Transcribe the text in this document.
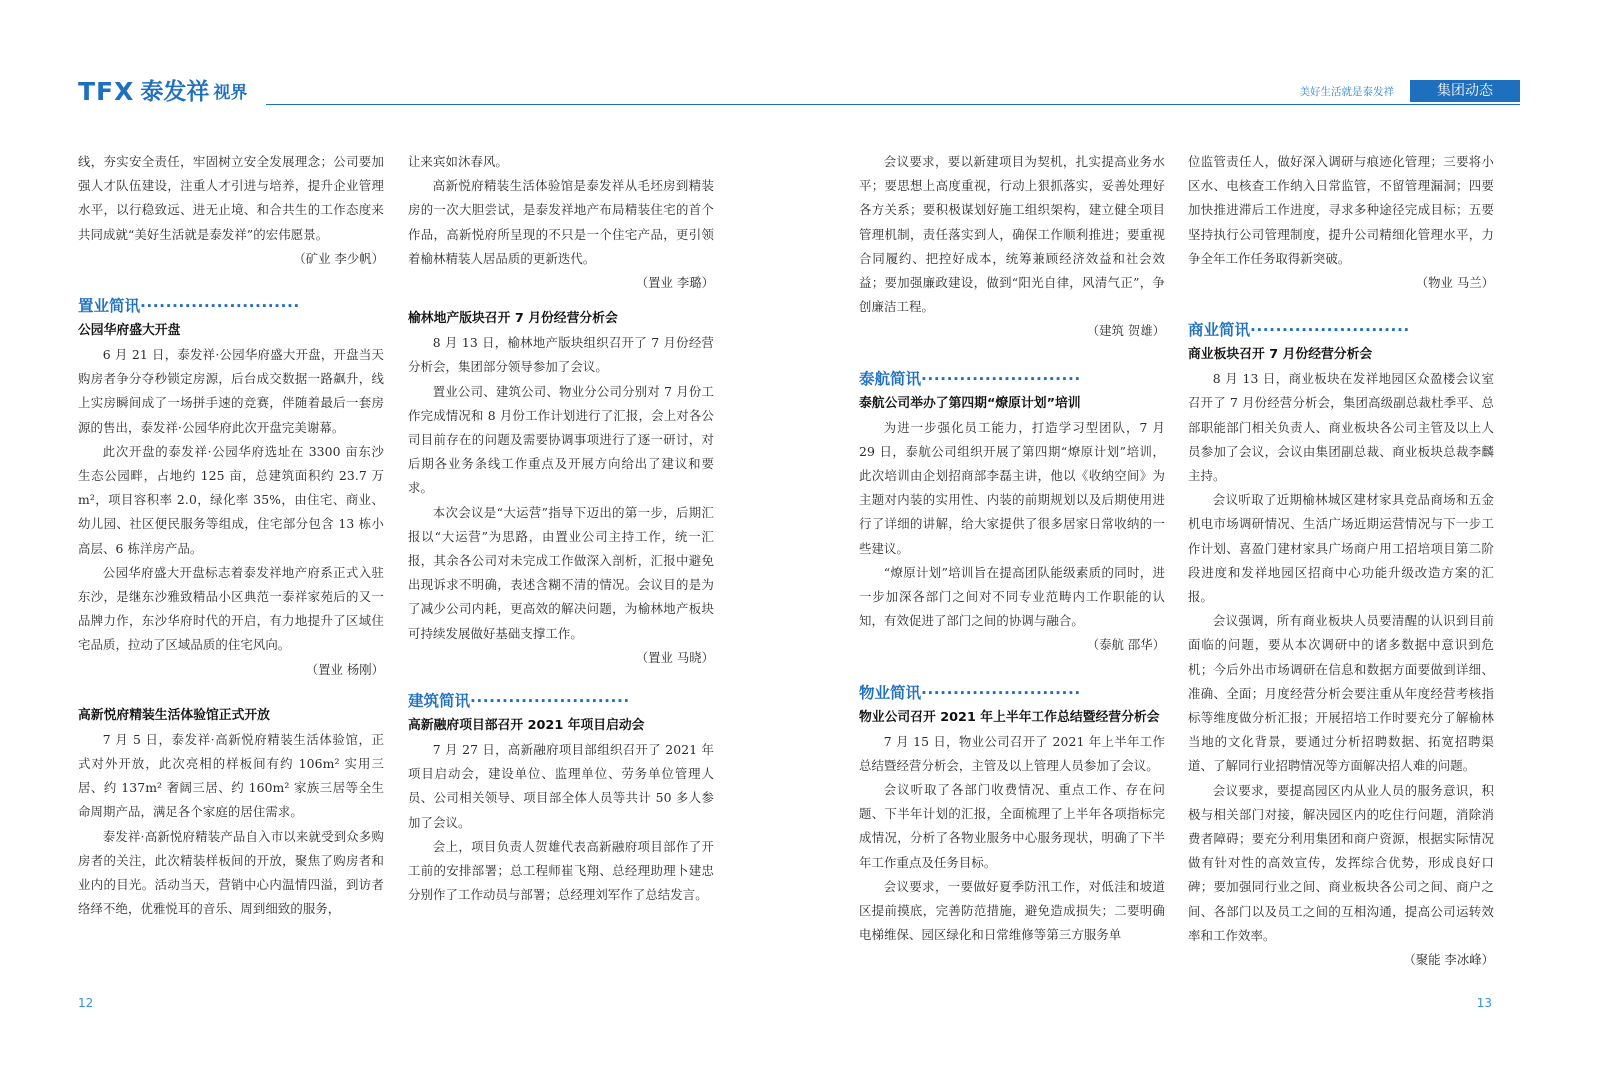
TFX 泰发祥 视界	美好生活就是泰发祥	集团动态

线，夯实安全责任，牢固树立安全发展理念；公司要加强人才队伍建设，注重人才引进与培养，提升企业管理水平，以行稳致远、进无止境、和合共生的工作态度来共同成就“美好生活就是泰发祥”的宏伟愿景。

（矿业 李少帆）

置业简讯·························
公园华府盛大开盘

6 月 21 日，泰发祥·公园华府盛大开盘，开盘当天购房者争分夺秒锁定房源，后台成交数据一路飙升，线上实房瞬间成了一场拼手速的竞赛，伴随着最后一套房源的售出，泰发祥·公园华府此次开盘完美谢幕。

此次开盘的泰发祥·公园华府选址在 3300 亩东沙生态公园畔，占地约 125 亩，总建筑面积约 23.7 万 m²，项目容积率 2.0，绿化率 35%，由住宅、商业、幼儿园、社区便民服务等组成，住宅部分包含 13 栋小高层、6 栋洋房产品。

公园华府盛大开盘标志着泰发祥地产府系正式入驻东沙，是继东沙雅致精品小区典范一泰祥家苑后的又一品牌力作，东沙华府时代的开启，有力地提升了区域住宅品质，拉动了区域品质的住宅风向。

（置业 杨刚）

高新悦府精装生活体验馆正式开放

7 月 5 日，泰发祥·高新悦府精装生活体验馆，正式对外开放，此次亮相的样板间有约 106m² 实用三居、约 137m² 奢阔三居、约 160m² 家族三居等全生命周期产品，满足各个家庭的居住需求。

泰发祥·高新悦府精装产品自入市以来就受到众多购房者的关注，此次精装样板间的开放，聚焦了购房者和业内的目光。活动当天，营销中心内温情四溢，到访者络绎不绝，优雅悦耳的音乐、周到细致的服务，

让来宾如沐春风。

高新悦府精装生活体验馆是泰发祥从毛坯房到精装房的一次大胆尝试，是泰发祥地产布局精装住宅的首个作品，高新悦府所呈现的不只是一个住宅产品，更引领着榆林精装人居品质的更新迭代。

（置业 李璐）

榆林地产版块召开 7 月份经营分析会

8 月 13 日，榆林地产版块组织召开了 7 月份经营分析会，集团部分领导参加了会议。

置业公司、建筑公司、物业分公司分别对 7 月份工作完成情况和 8 月份工作计划进行了汇报，会上对各公司目前存在的问题及需要协调事项进行了逐一研讨，对后期各业务条线工作重点及开展方向给出了建议和要求。

本次会议是“大运营”指导下迈出的第一步，后期汇报以“大运营”为思路，由置业公司主持工作，统一汇报，其余各公司对未完成工作做深入剖析，汇报中避免出现诉求不明确，表述含糊不清的情况。会议目的是为了减少公司内耗，更高效的解决问题，为榆林地产板块可持续发展做好基础支撑工作。

（置业 马晓）

建筑简讯·························
高新融府项目部召开 2021 年项目启动会

7 月 27 日，高新融府项目部组织召开了 2021 年项目启动会，建设单位、监理单位、劳务单位管理人员、公司相关领导、项目部全体人员等共计 50 多人参加了会议。

会上，项目负责人贺雄代表高新融府项目部作了开工前的安排部署；总工程师崔飞翔、总经理助理卜建忠分别作了工作动员与部署；总经理刘军作了总结发言。

会议要求，要以新建项目为契机，扎实提高业务水平；要思想上高度重视，行动上狠抓落实，妥善处理好各方关系；要积极谋划好施工组织架构，建立健全项目管理机制，责任落实到人，确保工作顺利推进；要重视合同履约、把控好成本，统筹兼顾经济效益和社会效益；要加强廉政建设，做到“阳光自律，风清气正”，争创廉洁工程。

（建筑 贺雄）

泰航简讯·························
泰航公司举办了第四期“燎原计划”培训

为进一步强化员工能力，打造学习型团队，7 月 29 日，泰航公司组织开展了第四期“燎原计划”培训，此次培训由企划招商部李磊主讲，他以《收纳空间》为主题对内装的实用性、内装的前期规划以及后期使用进行了详细的讲解，给大家提供了很多居家日常收纳的一些建议。

“燎原计划”培训旨在提高团队能级素质的同时，进一步加深各部门之间对不同专业范畴内工作职能的认知，有效促进了部门之间的协调与融合。

（泰航 邵华）

物业简讯·························
物业公司召开 2021 年上半年工作总结暨经营分析会

7 月 15 日，物业公司召开了 2021 年上半年工作总结暨经营分析会，主管及以上管理人员参加了会议。

会议听取了各部门收费情况、重点工作、存在问题、下半年计划的汇报，全面梳理了上半年各项指标完成情况，分析了各物业服务中心服务现状，明确了下半年工作重点及任务目标。

会议要求，一要做好夏季防汛工作，对低洼和坡道区提前摸底，完善防范措施，避免造成损失；二要明确电梯维保、园区绿化和日常维修等第三方服务单

位监管责任人，做好深入调研与痕迹化管理；三要将小区水、电核查工作纳入日常监管，不留管理漏洞；四要加快推进滞后工作进度，寻求多种途径完成目标；五要坚持执行公司管理制度，提升公司精细化管理水平，力争全年工作任务取得新突破。

（物业 马兰）

商业简讯·························
商业板块召开 7 月份经营分析会

8 月 13 日，商业板块在发祥地园区众盈楼会议室召开了 7 月份经营分析会，集团高级副总裁杜季平、总部职能部门相关负责人、商业板块各公司主管及以上人员参加了会议，会议由集团副总裁、商业板块总裁李麟主持。

会议听取了近期榆林城区建材家具竞品商场和五金机电市场调研情况、生活广场近期运营情况与下一步工作计划、喜盈门建材家具广场商户用工招培项目第二阶段进度和发祥地园区招商中心功能升级改造方案的汇报。

会议强调，所有商业板块人员要清醒的认识到目前面临的问题，要从本次调研中的诸多数据中意识到危机；今后外出市场调研在信息和数据方面要做到详细、准确、全面；月度经营分析会要注重从年度经营考核指标等维度做分析汇报；开展招培工作时要充分了解榆林当地的文化背景，要通过分析招聘数据、拓宽招聘渠道、了解同行业招聘情况等方面解决招人难的问题。

会议要求，要提高园区内从业人员的服务意识，积极与相关部门对接，解决园区内的吃住行问题，消除消费者障碍；要充分利用集团和商户资源，根据实际情况做有针对性的高效宣传，发挥综合优势，形成良好口碑；要加强同行业之间、商业板块各公司之间、商户之间、各部门以及员工之间的互相沟通，提高公司运转效率和工作效率。

（聚能 李冰峰）

12	13
